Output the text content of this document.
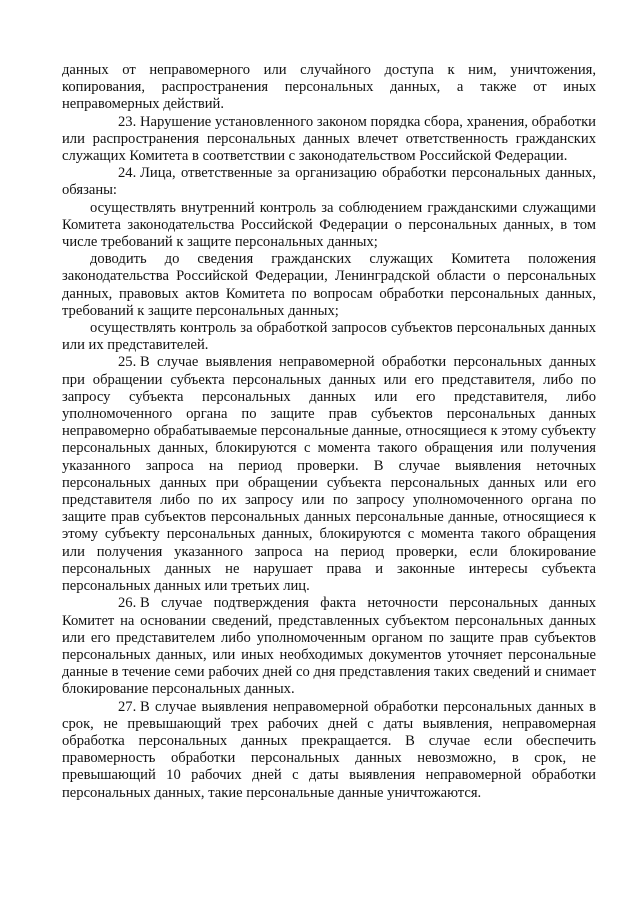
данных от неправомерного или случайного доступа к ним, уничтожения, копирования, распространения персональных данных, а также от иных неправомерных действий.

23. Нарушение установленного законом порядка сбора, хранения, обработки или распространения персональных данных влечет ответственность гражданских служащих Комитета в соответствии с законодательством Российской Федерации.

24. Лица, ответственные за организацию обработки персональных данных, обязаны:

осуществлять внутренний контроль за соблюдением гражданскими служащими Комитета законодательства Российской Федерации о персональных данных, в том числе требований к защите персональных данных;

доводить до сведения гражданских служащих Комитета положения законодательства Российской Федерации, Ленинградской области о персональных данных, правовых актов Комитета по вопросам обработки персональных данных, требований к защите персональных данных;

осуществлять контроль за обработкой запросов субъектов персональных данных или их представителей.

25. В случае выявления неправомерной обработки персональных данных при обращении субъекта персональных данных или его представителя, либо по запросу субъекта персональных данных или его представителя, либо уполномоченного органа по защите прав субъектов персональных данных неправомерно обрабатываемые персональные данные, относящиеся к этому субъекту персональных данных, блокируются с момента такого обращения или получения указанного запроса на период проверки. В случае выявления неточных персональных данных при обращении субъекта персональных данных или его представителя либо по их запросу или по запросу уполномоченного органа по защите прав субъектов персональных данных персональные данные, относящиеся к этому субъекту персональных данных, блокируются с момента такого обращения или получения указанного запроса на период проверки, если блокирование персональных данных не нарушает права и законные интересы субъекта персональных данных или третьих лиц.

26. В случае подтверждения факта неточности персональных данных Комитет на основании сведений, представленных субъектом персональных данных или его представителем либо уполномоченным органом по защите прав субъектов персональных данных, или иных необходимых документов уточняет персональные данные в течение семи рабочих дней со дня представления таких сведений и снимает блокирование персональных данных.

27. В случае выявления неправомерной обработки персональных данных в срок, не превышающий трех рабочих дней с даты выявления, неправомерная обработка персональных данных прекращается. В случае если обеспечить правомерность обработки персональных данных невозможно, в срок, не превышающий 10 рабочих дней с даты выявления неправомерной обработки персональных данных, такие персональные данные уничтожаются.
